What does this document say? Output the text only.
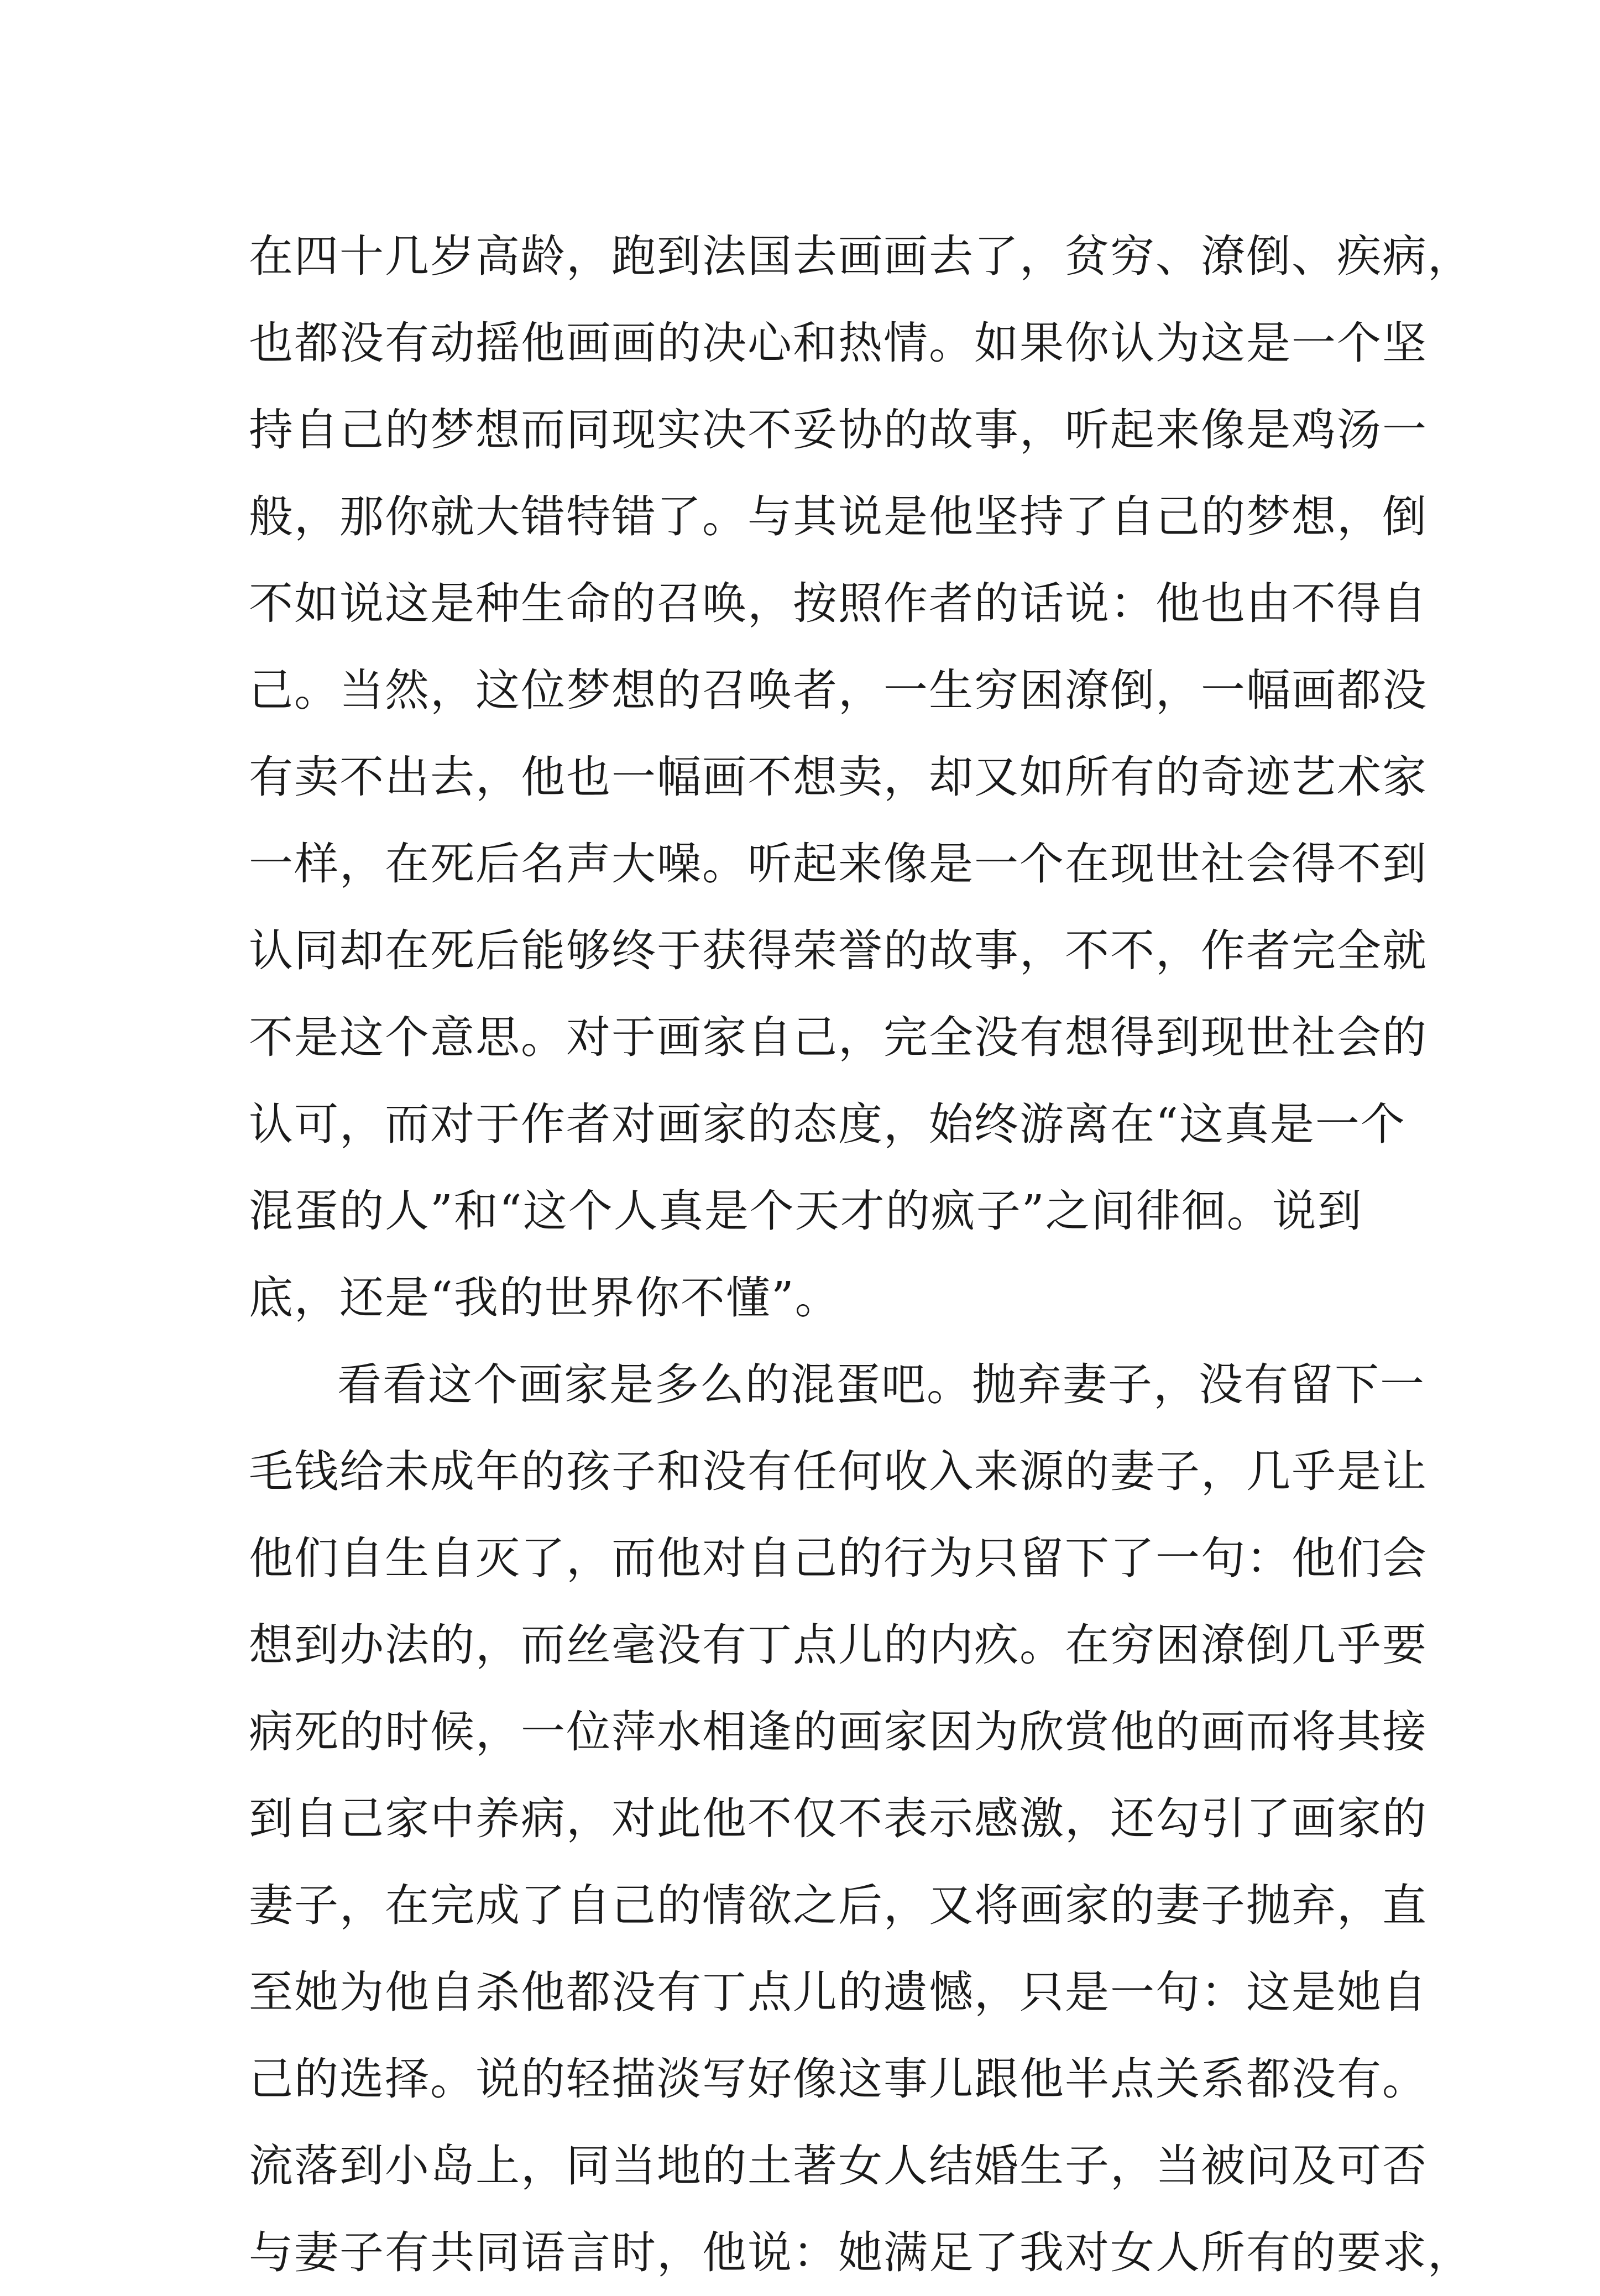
在四十几岁高龄，跑到法国去画画去了，贫穷、潦倒、疾病，
也都没有动摇他画画的决心和热情。如果你认为这是一个坚
持自己的梦想而同现实决不妥协的故事，听起来像是鸡汤一
般，那你就大错特错了。与其说是他坚持了自己的梦想，倒
不如说这是种生命的召唤，按照作者的话说：他也由不得自
己。当然，这位梦想的召唤者，一生穷困潦倒，一幅画都没
有卖不出去，他也一幅画不想卖，却又如所有的奇迹艺术家
一样，在死后名声大噪。听起来像是一个在现世社会得不到
认同却在死后能够终于获得荣誉的故事，不不，作者完全就
不是这个意思。对于画家自己，完全没有想得到现世社会的
认可，而对于作者对画家的态度，始终游离在“这真是一个
混蛋的人”和“这个人真是个天才的疯子”之间徘徊。说到
底，还是“我的世界你不懂”。
看看这个画家是多么的混蛋吧。抛弃妻子，没有留下一
毛钱给未成年的孩子和没有任何收入来源的妻子，几乎是让
他们自生自灭了，而他对自己的行为只留下了一句：他们会
想到办法的，而丝毫没有丁点儿的内疚。在穷困潦倒几乎要
病死的时候，一位萍水相逢的画家因为欣赏他的画而将其接
到自己家中养病，对此他不仅不表示感激，还勾引了画家的
妻子，在完成了自己的情欲之后，又将画家的妻子抛弃，直
至她为他自杀他都没有丁点儿的遗憾，只是一句：这是她自
己的选择。说的轻描淡写好像这事儿跟他半点关系都没有。
流落到小岛上，同当地的土著女人结婚生子，当被问及可否
与妻子有共同语言时，他说：她满足了我对女人所有的要求，
